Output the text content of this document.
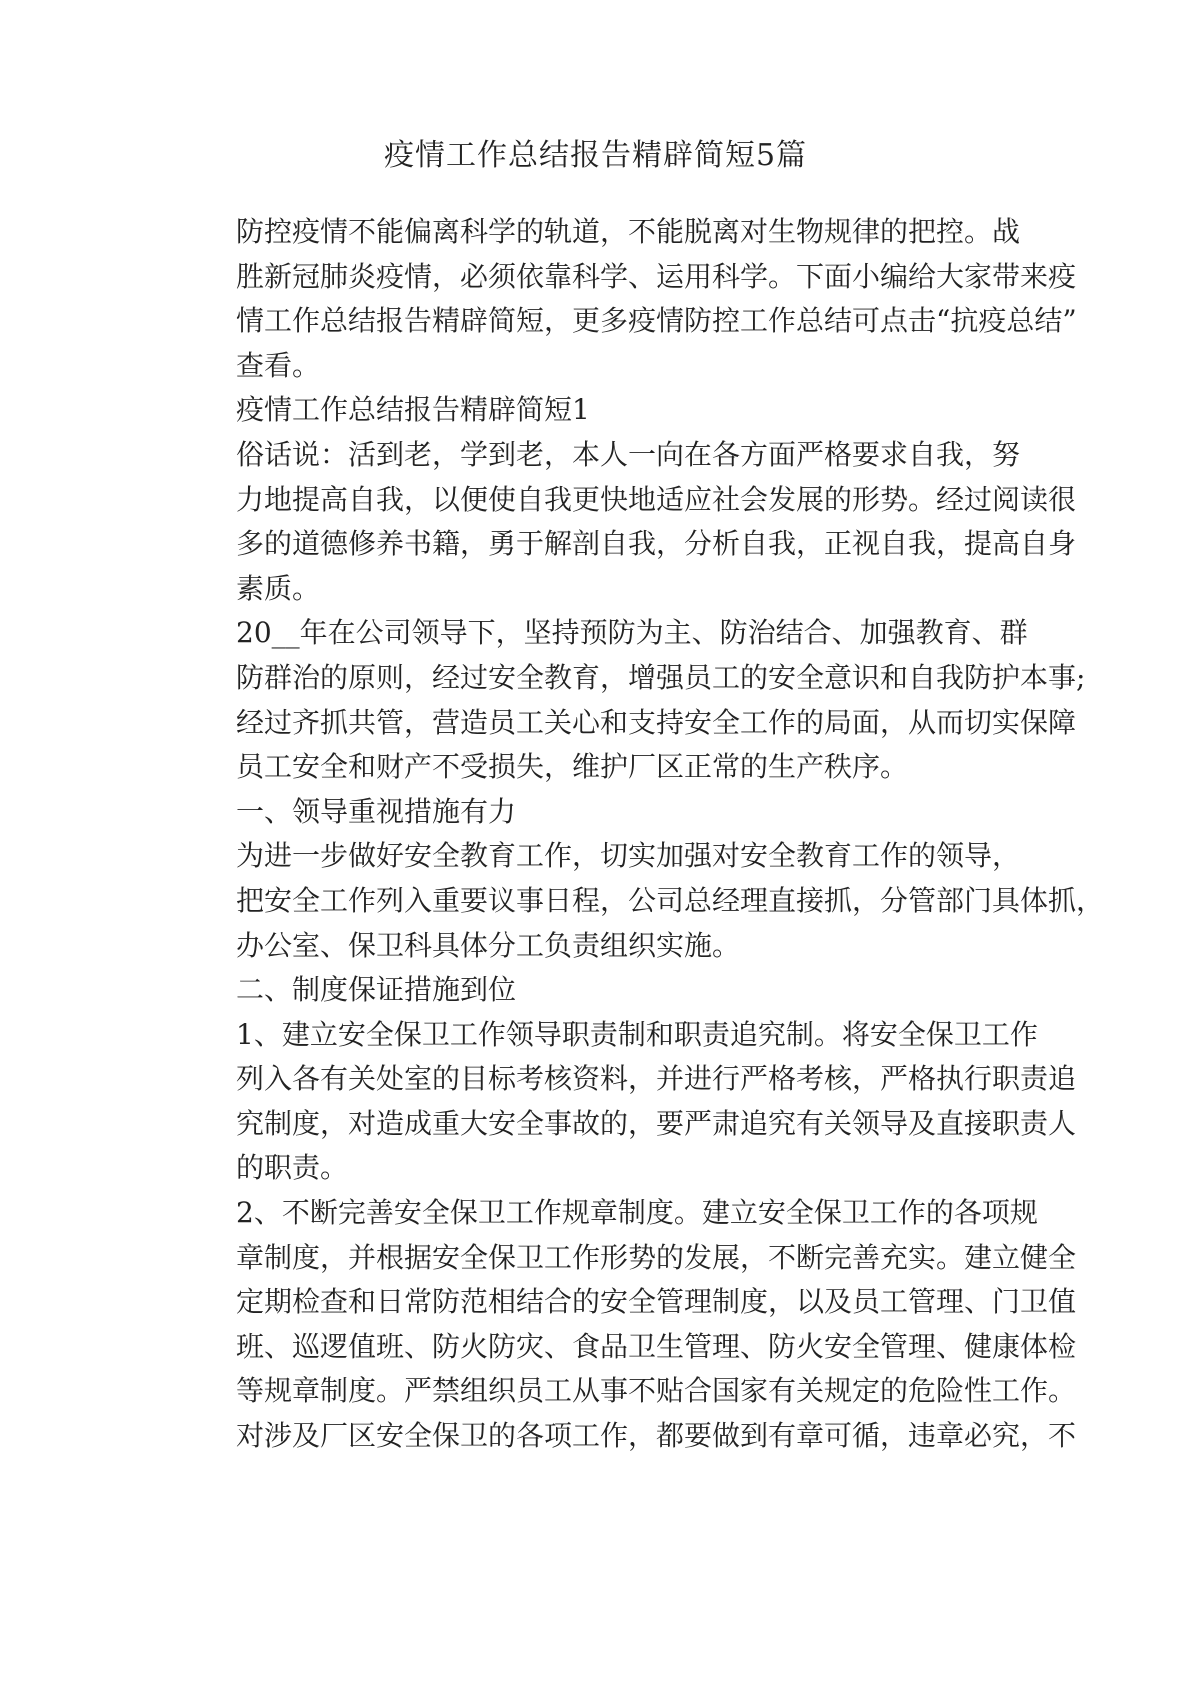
疫情工作总结报告精辟简短5篇

防控疫情不能偏离科学的轨道，不能脱离对生物规律的把控。战
胜新冠肺炎疫情，必须依靠科学、运用科学。下面小编给大家带来疫
情工作总结报告精辟简短，更多疫情防控工作总结可点击“抗疫总结”
查看。

疫情工作总结报告精辟简短1

俗话说：活到老，学到老，本人一向在各方面严格要求自我，努
力地提高自我，以便使自我更快地适应社会发展的形势。经过阅读很
多的道德修养书籍，勇于解剖自我，分析自我，正视自我，提高自身
素质。

20__年在公司领导下，坚持预防为主、防治结合、加强教育、群
防群治的原则，经过安全教育，增强员工的安全意识和自我防护本事;
经过齐抓共管，营造员工关心和支持安全工作的局面，从而切实保障
员工安全和财产不受损失，维护厂区正常的生产秩序。

一、领导重视措施有力

为进一步做好安全教育工作，切实加强对安全教育工作的领导，
把安全工作列入重要议事日程，公司总经理直接抓，分管部门具体抓，
办公室、保卫科具体分工负责组织实施。

二、制度保证措施到位

1、建立安全保卫工作领导职责制和职责追究制。将安全保卫工作
列入各有关处室的目标考核资料，并进行严格考核，严格执行职责追
究制度，对造成重大安全事故的，要严肃追究有关领导及直接职责人
的职责。

2、不断完善安全保卫工作规章制度。建立安全保卫工作的各项规
章制度，并根据安全保卫工作形势的发展，不断完善充实。建立健全
定期检查和日常防范相结合的安全管理制度，以及员工管理、门卫值
班、巡逻值班、防火防灾、食品卫生管理、防火安全管理、健康体检
等规章制度。严禁组织员工从事不贴合国家有关规定的危险性工作。
对涉及厂区安全保卫的各项工作，都要做到有章可循，违章必究，不
